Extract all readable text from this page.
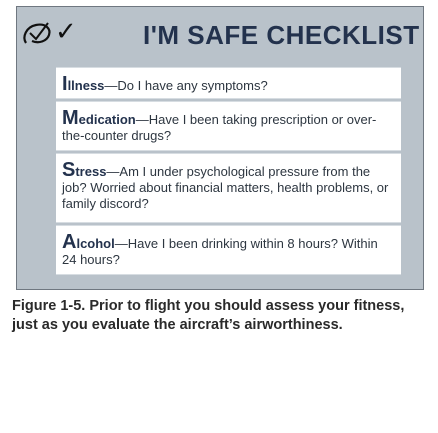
✓	I'M SAFE CHECKLIST
Illness—Do I have any symptoms?
Medication—Have I been taking prescription or over-the-counter drugs?
Stress—Am I under psychological pressure from the job? Worried about financial matters, health problems, or family discord?
Alcohol—Have I been drinking within 8 hours? Within 24 hours?
Figure 1-5. Prior to flight you should assess your fitness, just as you evaluate the aircraft’s airworthiness.
